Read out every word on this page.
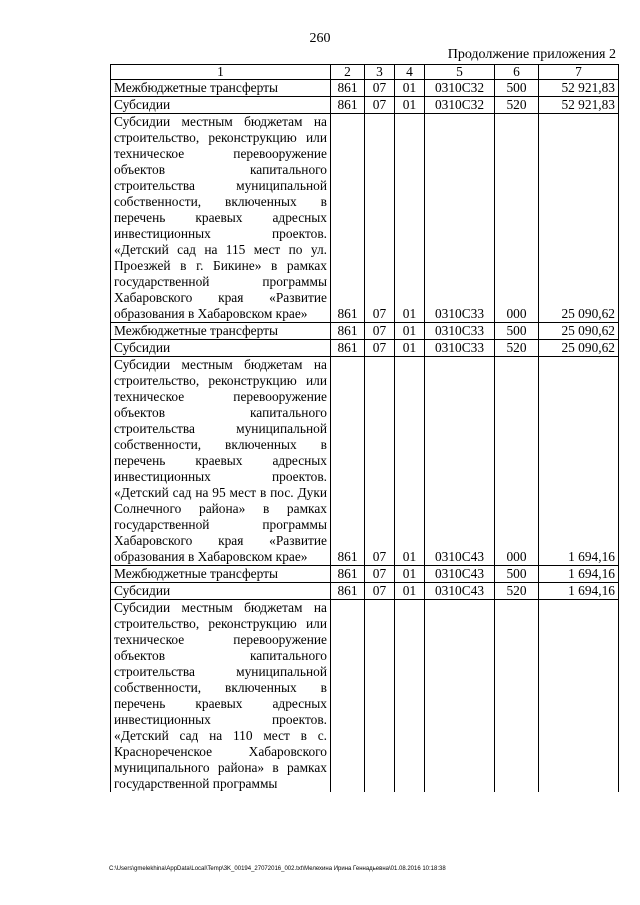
260
Продолжение приложения 2
1	2	3	4	5	6	7
Межбюджетные трансферты	861	07	01	0310С32	500	52 921,83
Субсидии	861	07	01	0310С32	520	52 921,83
Субсидии местным бюджетам на строительство, реконструкцию или техническое перевооружение объектов капитального строительства муниципальной собственности, включенных в перечень краевых адресных инвестиционных проектов. «Детский сад на 115 мест по ул. Проезжей в г. Бикине» в рамках государственной программы Хабаровского края «Развитие образования в Хабаровском крае»	861	07	01	0310С33	000	25 090,62
Межбюджетные трансферты	861	07	01	0310С33	500	25 090,62
Субсидии	861	07	01	0310С33	520	25 090,62
Субсидии местным бюджетам на строительство, реконструкцию или техническое перевооружение объектов капитального строительства муниципальной собственности, включенных в перечень краевых адресных инвестиционных проектов. «Детский сад на 95 мест в пос. Дуки Солнечного района» в рамках государственной программы Хабаровского края «Развитие образования в Хабаровском крае»	861	07	01	0310С43	000	1 694,16
Межбюджетные трансферты	861	07	01	0310С43	500	1 694,16
Субсидии	861	07	01	0310С43	520	1 694,16
Субсидии местным бюджетам на строительство, реконструкцию или техническое перевооружение объектов капитального строительства муниципальной собственности, включенных в перечень краевых адресных инвестиционных проектов. «Детский сад на 110 мест в с. Краснореченское Хабаровского муниципального района» в рамках государственной программы						
C:\Users\gmelekhina\AppData\Local\Temp\3K_00194_27072016_002.txt\Мелехина Ирина Геннадьевна\01.08.2016 10:18:38
